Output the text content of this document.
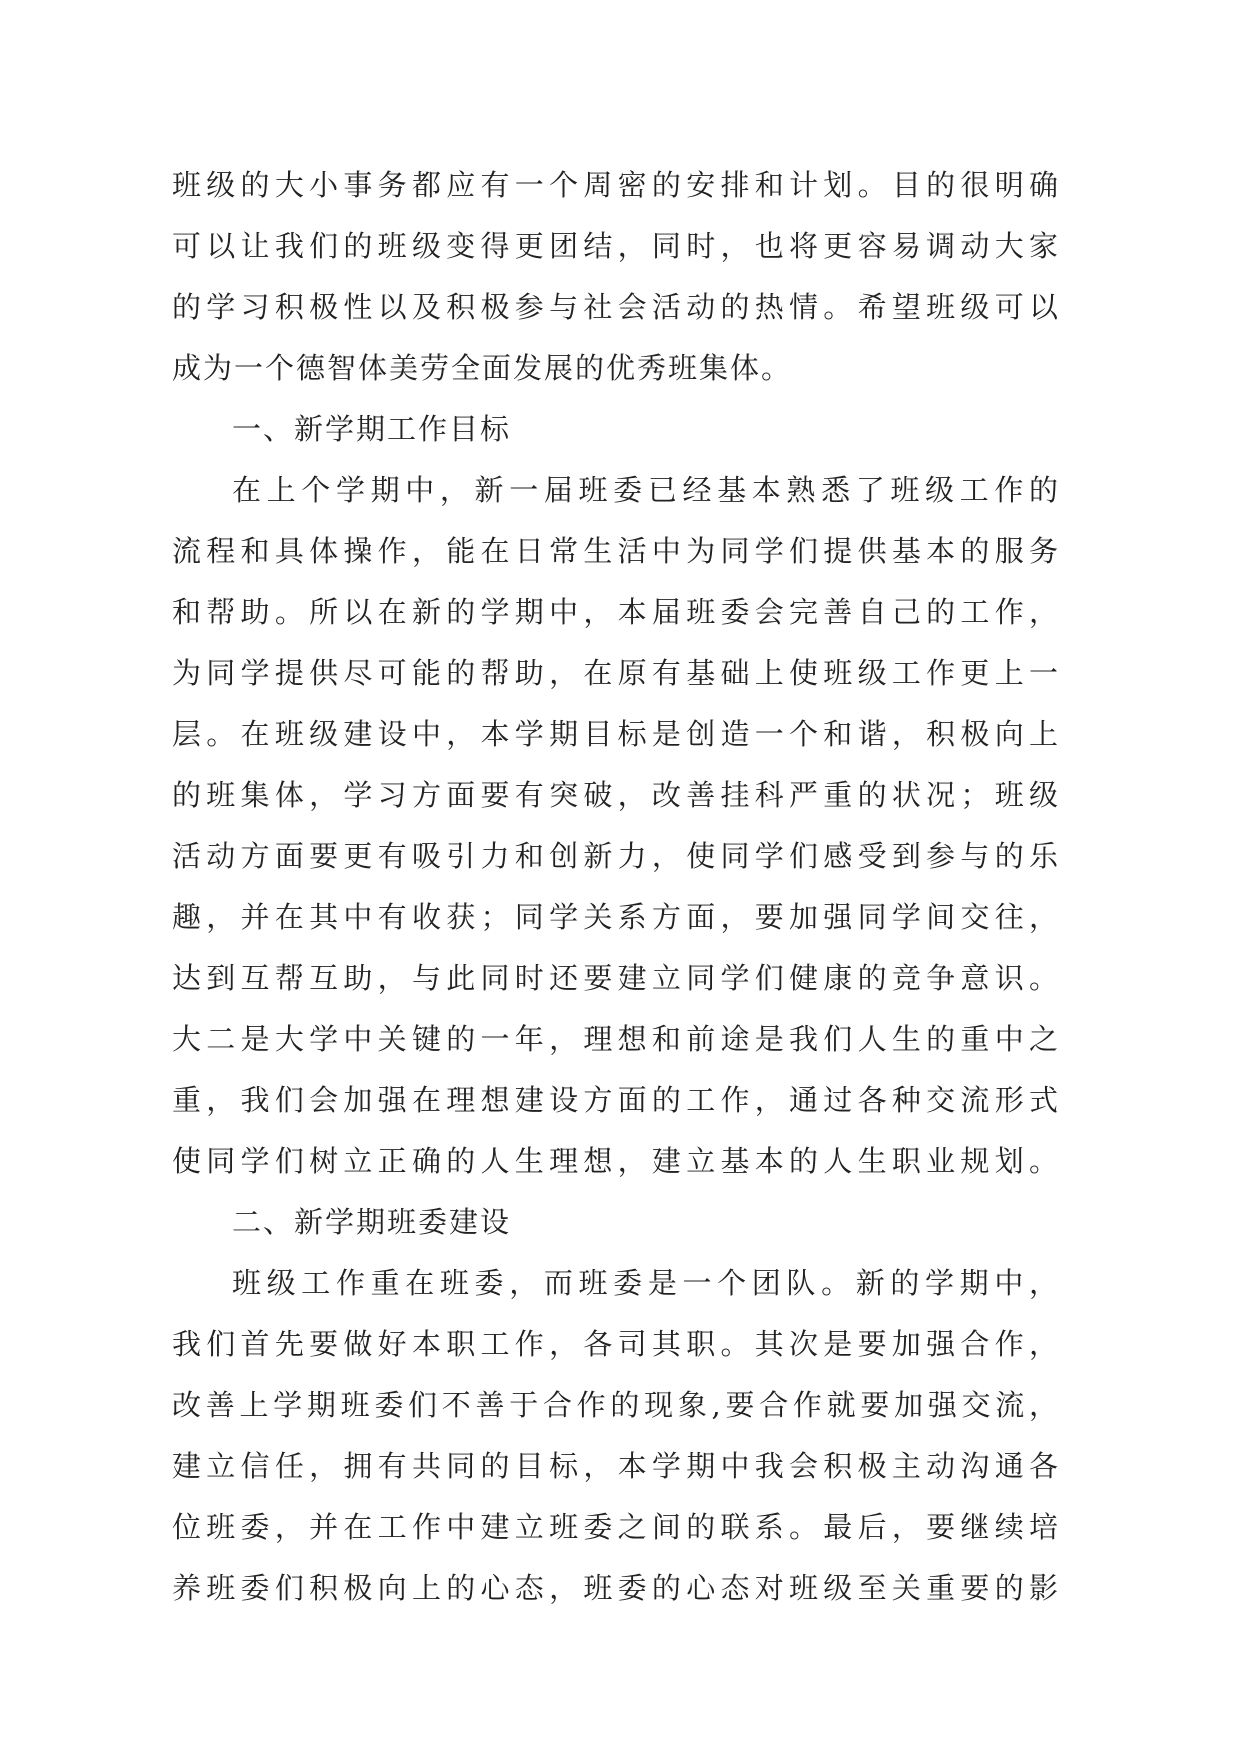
班级的大小事务都应有一个周密的安排和计划。目的很明确
可以让我们的班级变得更团结，同时，也将更容易调动大家
的学习积极性以及积极参与社会活动的热情。希望班级可以
成为一个德智体美劳全面发展的优秀班集体。
一、新学期工作目标
在上个学期中，新一届班委已经基本熟悉了班级工作的
流程和具体操作，能在日常生活中为同学们提供基本的服务
和帮助。所以在新的学期中，本届班委会完善自己的工作，
为同学提供尽可能的帮助，在原有基础上使班级工作更上一
层。在班级建设中，本学期目标是创造一个和谐，积极向上
的班集体，学习方面要有突破，改善挂科严重的状况；班级
活动方面要更有吸引力和创新力，使同学们感受到参与的乐
趣，并在其中有收获；同学关系方面，要加强同学间交往，
达到互帮互助，与此同时还要建立同学们健康的竞争意识。
大二是大学中关键的一年，理想和前途是我们人生的重中之
重，我们会加强在理想建设方面的工作，通过各种交流形式
使同学们树立正确的人生理想，建立基本的人生职业规划。
二、新学期班委建设
班级工作重在班委，而班委是一个团队。新的学期中，
我们首先要做好本职工作，各司其职。其次是要加强合作，
改善上学期班委们不善于合作的现象,要合作就要加强交流，
建立信任，拥有共同的目标，本学期中我会积极主动沟通各
位班委，并在工作中建立班委之间的联系。最后，要继续培
养班委们积极向上的心态，班委的心态对班级至关重要的影
